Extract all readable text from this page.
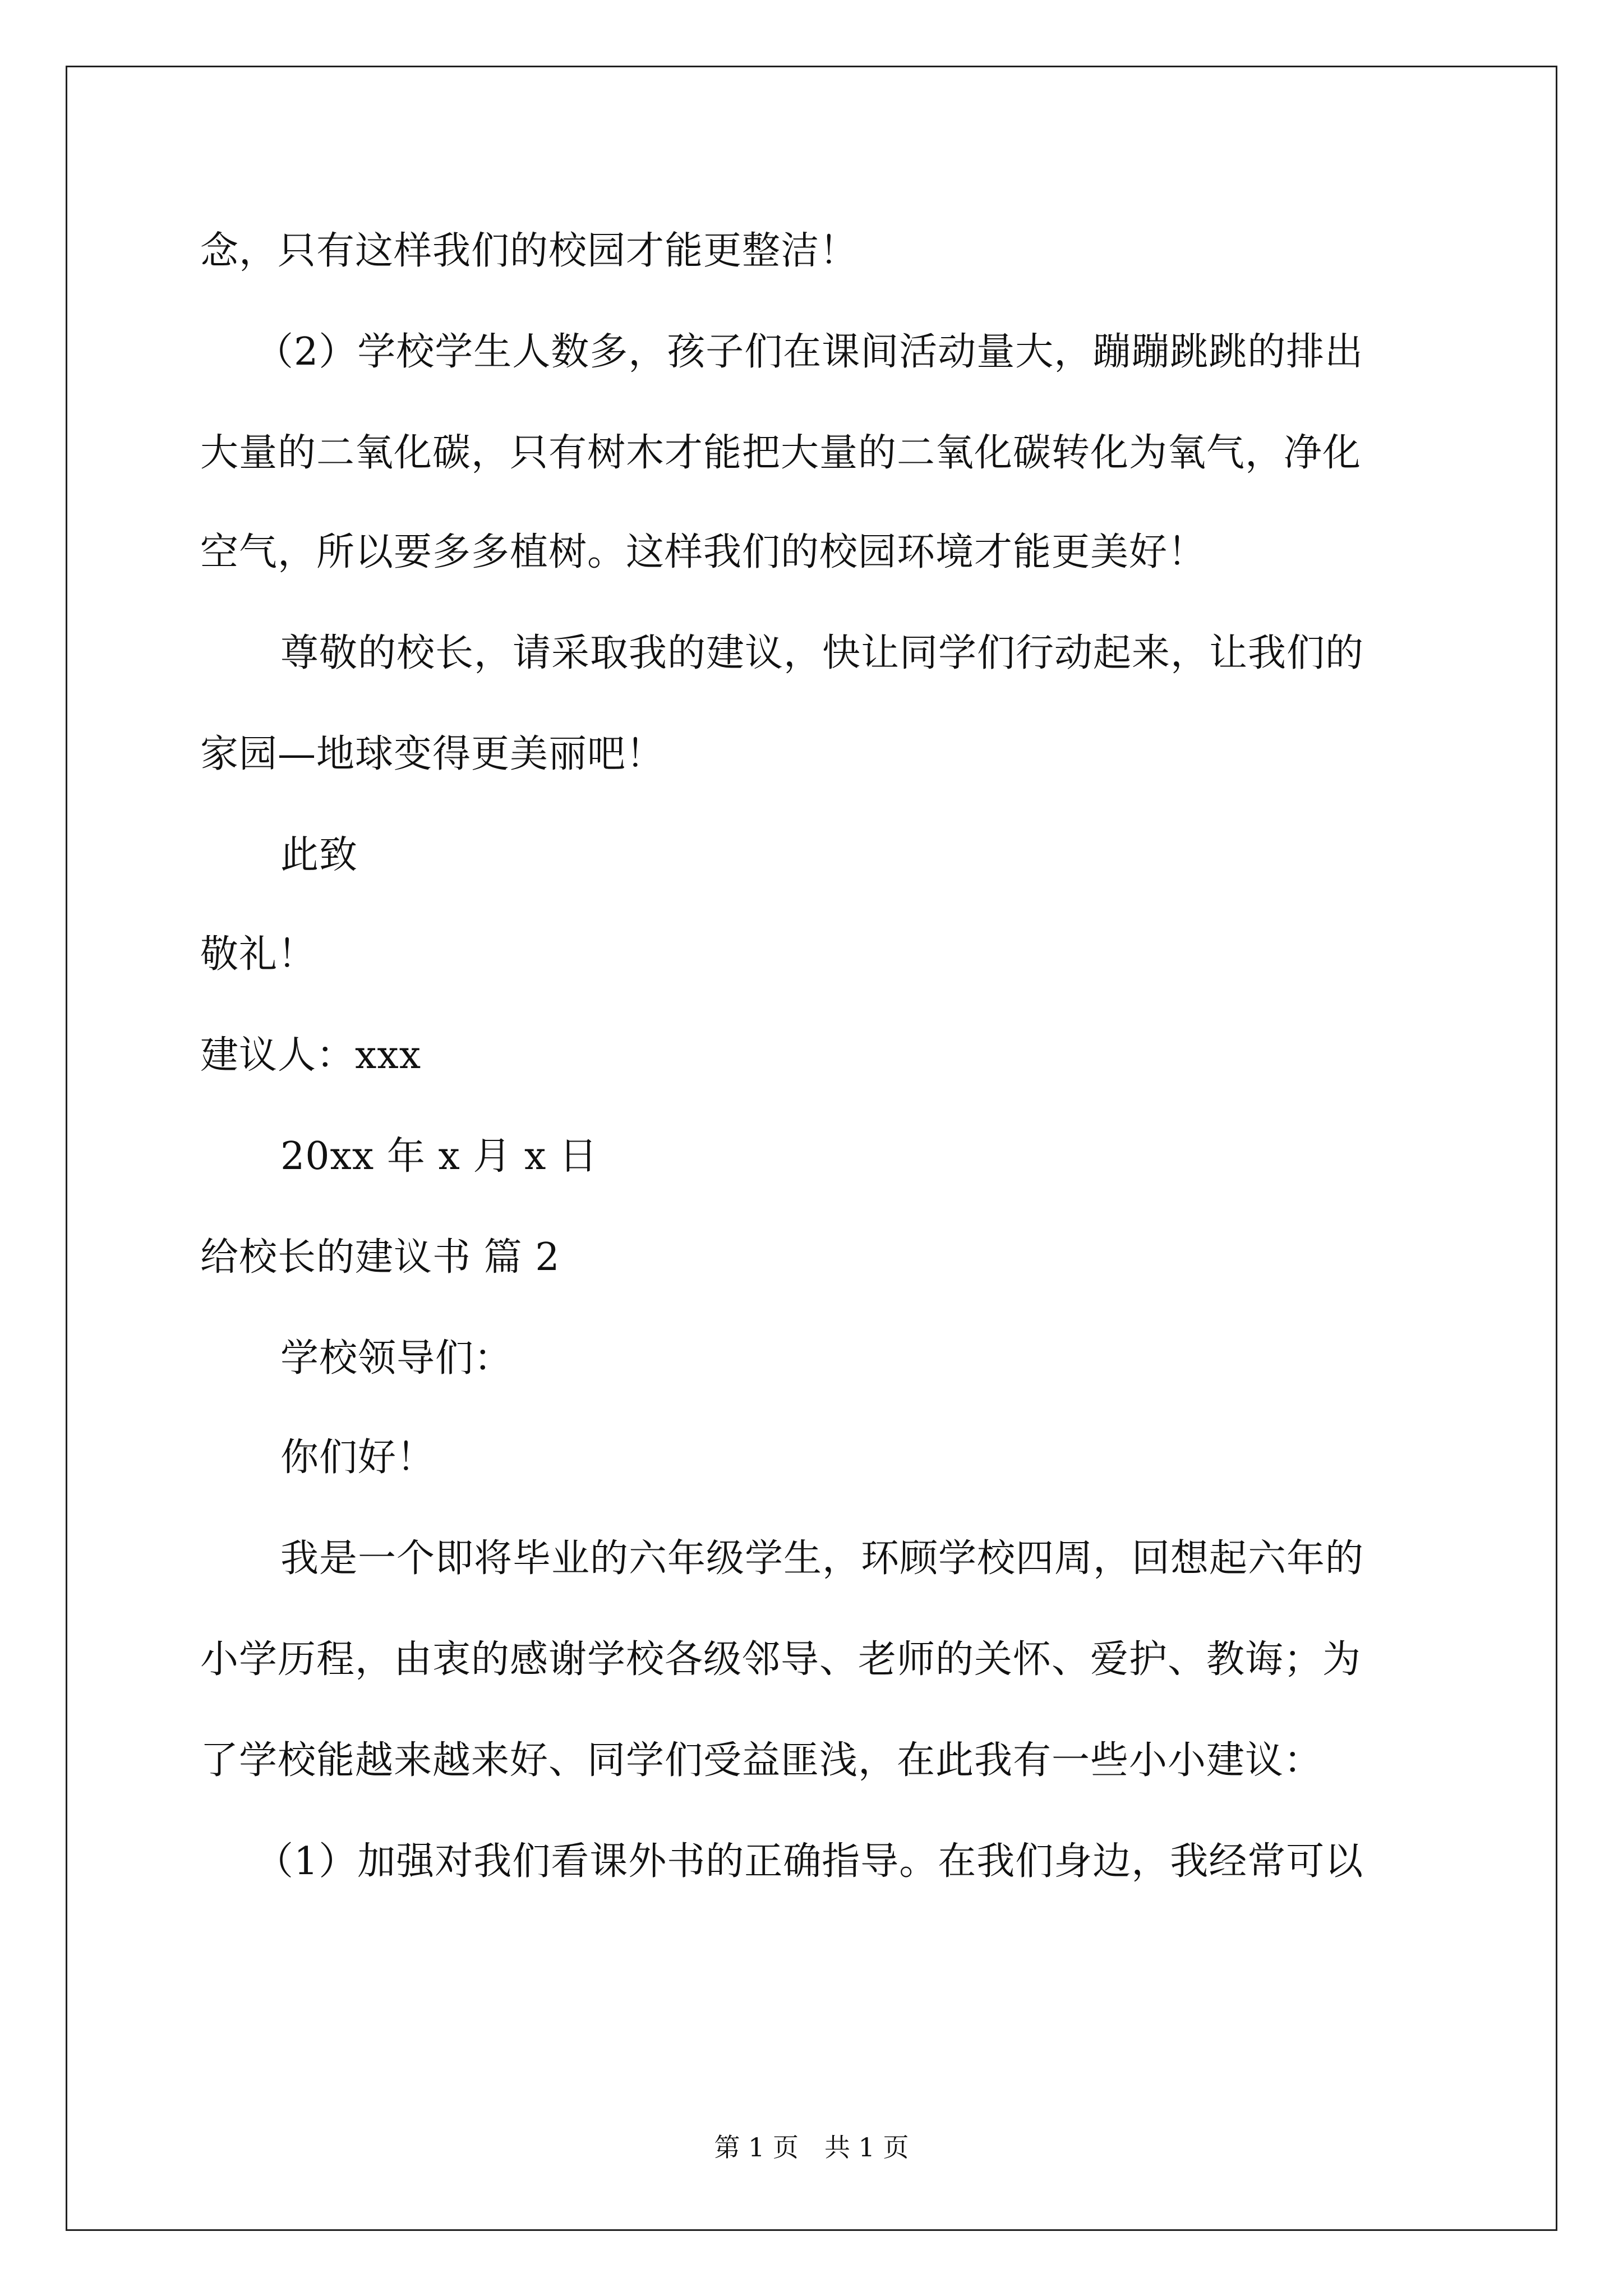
念，只有这样我们的校园才能更整洁！
（2）学校学生人数多，孩子们在课间活动量大，蹦蹦跳跳的排出
大量的二氧化碳，只有树木才能把大量的二氧化碳转化为氧气，净化
空气，所以要多多植树。这样我们的校园环境才能更美好！
尊敬的校长，请采取我的建议，快让同学们行动起来，让我们的
家园—地球变得更美丽吧！
此致
敬礼！
建议人：xxx
20xx 年 x 月 x 日
给校长的建议书 篇 2
学校领导们：
你们好！
我是一个即将毕业的六年级学生，环顾学校四周，回想起六年的
小学历程，由衷的感谢学校各级邻导、老师的关怀、爱护、教诲；为
了学校能越来越来好、同学们受益匪浅，在此我有一些小小建议：
（1）加强对我们看课外书的正确指导。在我们身边，我经常可以
第 1 页 共 1 页
